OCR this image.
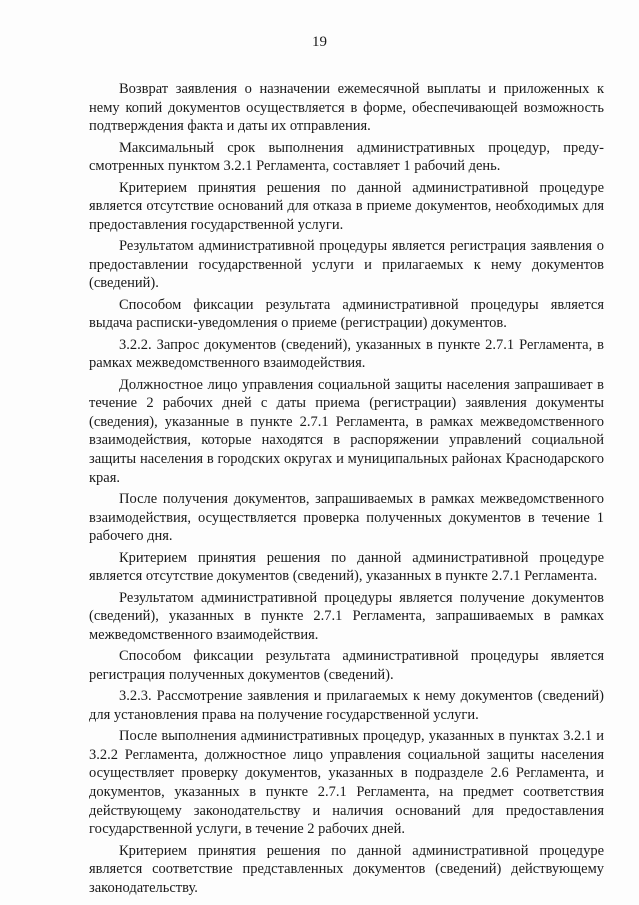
19

Возврат заявления о назначении ежемесячной выплаты и приложенных к нему копий документов осуществляется в форме, обеспечивающей возможность подтверждения факта и даты их отправления.

Максимальный срок выполнения административных процедур, предусмотренных пунктом 3.2.1 Регламента, составляет 1 рабочий день.

Критерием принятия решения по данной административной процедуре является отсутствие оснований для отказа в приеме документов, необходимых для предоставления государственной услуги.

Результатом административной процедуры является регистрация заявления о предоставлении государственной услуги и прилагаемых к нему документов (сведений).

Способом фиксации результата административной процедуры является выдача расписки-уведомления о приеме (регистрации) документов.

3.2.2. Запрос документов (сведений), указанных в пункте 2.7.1 Регламента, в рамках межведомственного взаимодействия.

Должностное лицо управления социальной защиты населения запрашивает в течение 2 рабочих дней с даты приема (регистрации) заявления документы (сведения), указанные в пункте 2.7.1 Регламента, в рамках межведомственного взаимодействия, которые находятся в распоряжении управлений социальной защиты населения в городских округах и муниципальных районах Краснодарского края.

После получения документов, запрашиваемых в рамках межведомственного взаимодействия, осуществляется проверка полученных документов в течение 1 рабочего дня.

Критерием принятия решения по данной административной процедуре является отсутствие документов (сведений), указанных в пункте 2.7.1 Регламента.

Результатом административной процедуры является получение документов (сведений), указанных в пункте 2.7.1 Регламента, запрашиваемых в рамках межведомственного взаимодействия.

Способом фиксации результата административной процедуры является регистрация полученных документов (сведений).

3.2.3. Рассмотрение заявления и прилагаемых к нему документов (сведений) для установления права на получение государственной услуги.

После выполнения административных процедур, указанных в пунктах 3.2.1 и 3.2.2 Регламента, должностное лицо управления социальной защиты населения осуществляет проверку документов, указанных в подразделе 2.6 Регламента, и документов, указанных в пункте 2.7.1 Регламента, на предмет соответствия действующему законодательству и наличия оснований для предоставления государственной услуги, в течение 2 рабочих дней.

Критерием принятия решения по данной административной процедуре является соответствие представленных документов (сведений) действующему законодательству.
